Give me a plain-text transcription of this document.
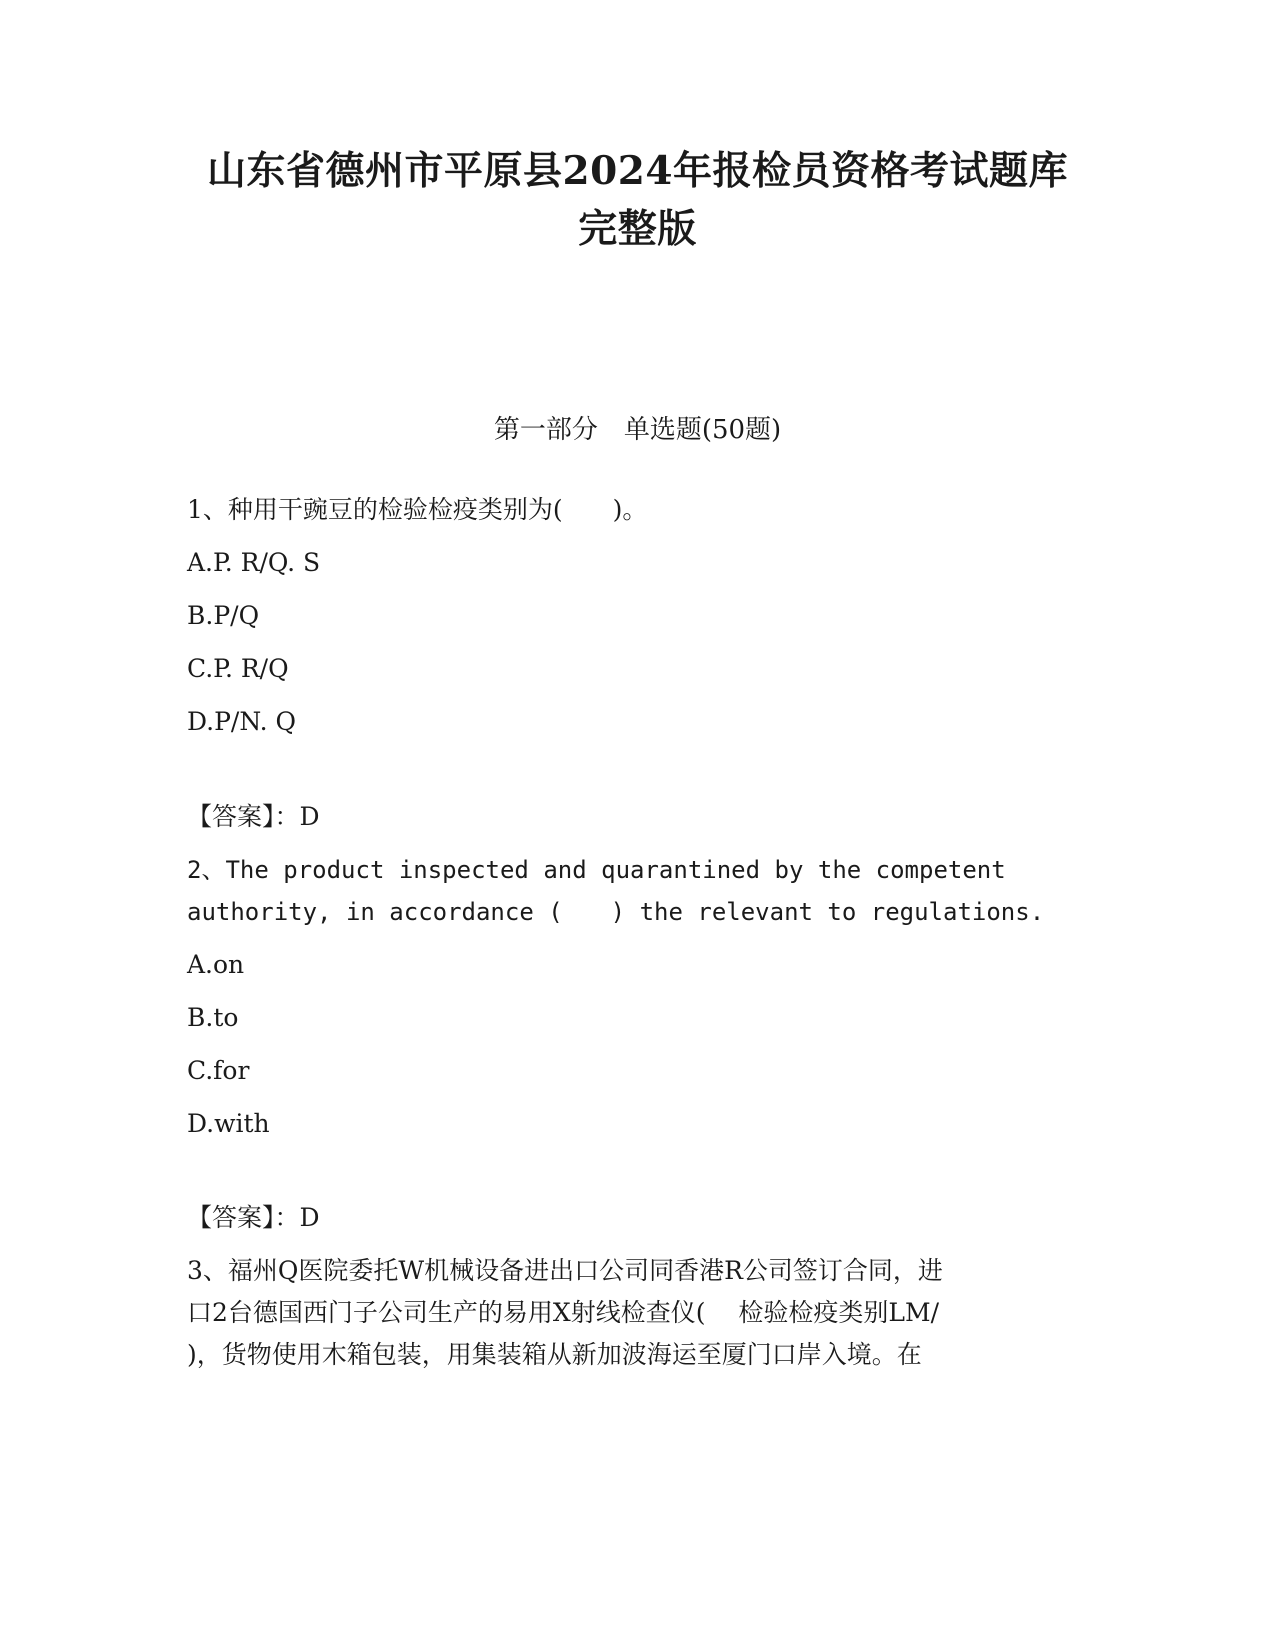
山东省德州市平原县2024年报检员资格考试题库
完整版
第一部分　单选题(50题)
1、种用干豌豆的检验检疫类别为(　　)。
A.P. R/Q. S
B.P/Q
C.P. R/Q
D.P/N. Q
【答案】：D
2、The product inspected and quarantined by the competent
authority, in accordance (　　) the relevant to regulations.
A.on
B.to
C.for
D.with
【答案】：D
3、福州Q医院委托W机械设备进出口公司同香港R公司签订合同，进
口2台德国西门子公司生产的易用X射线检查仪(　 检验检疫类别LM/
)，货物使用木箱包装，用集装箱从新加波海运至厦门口岸入境。在
